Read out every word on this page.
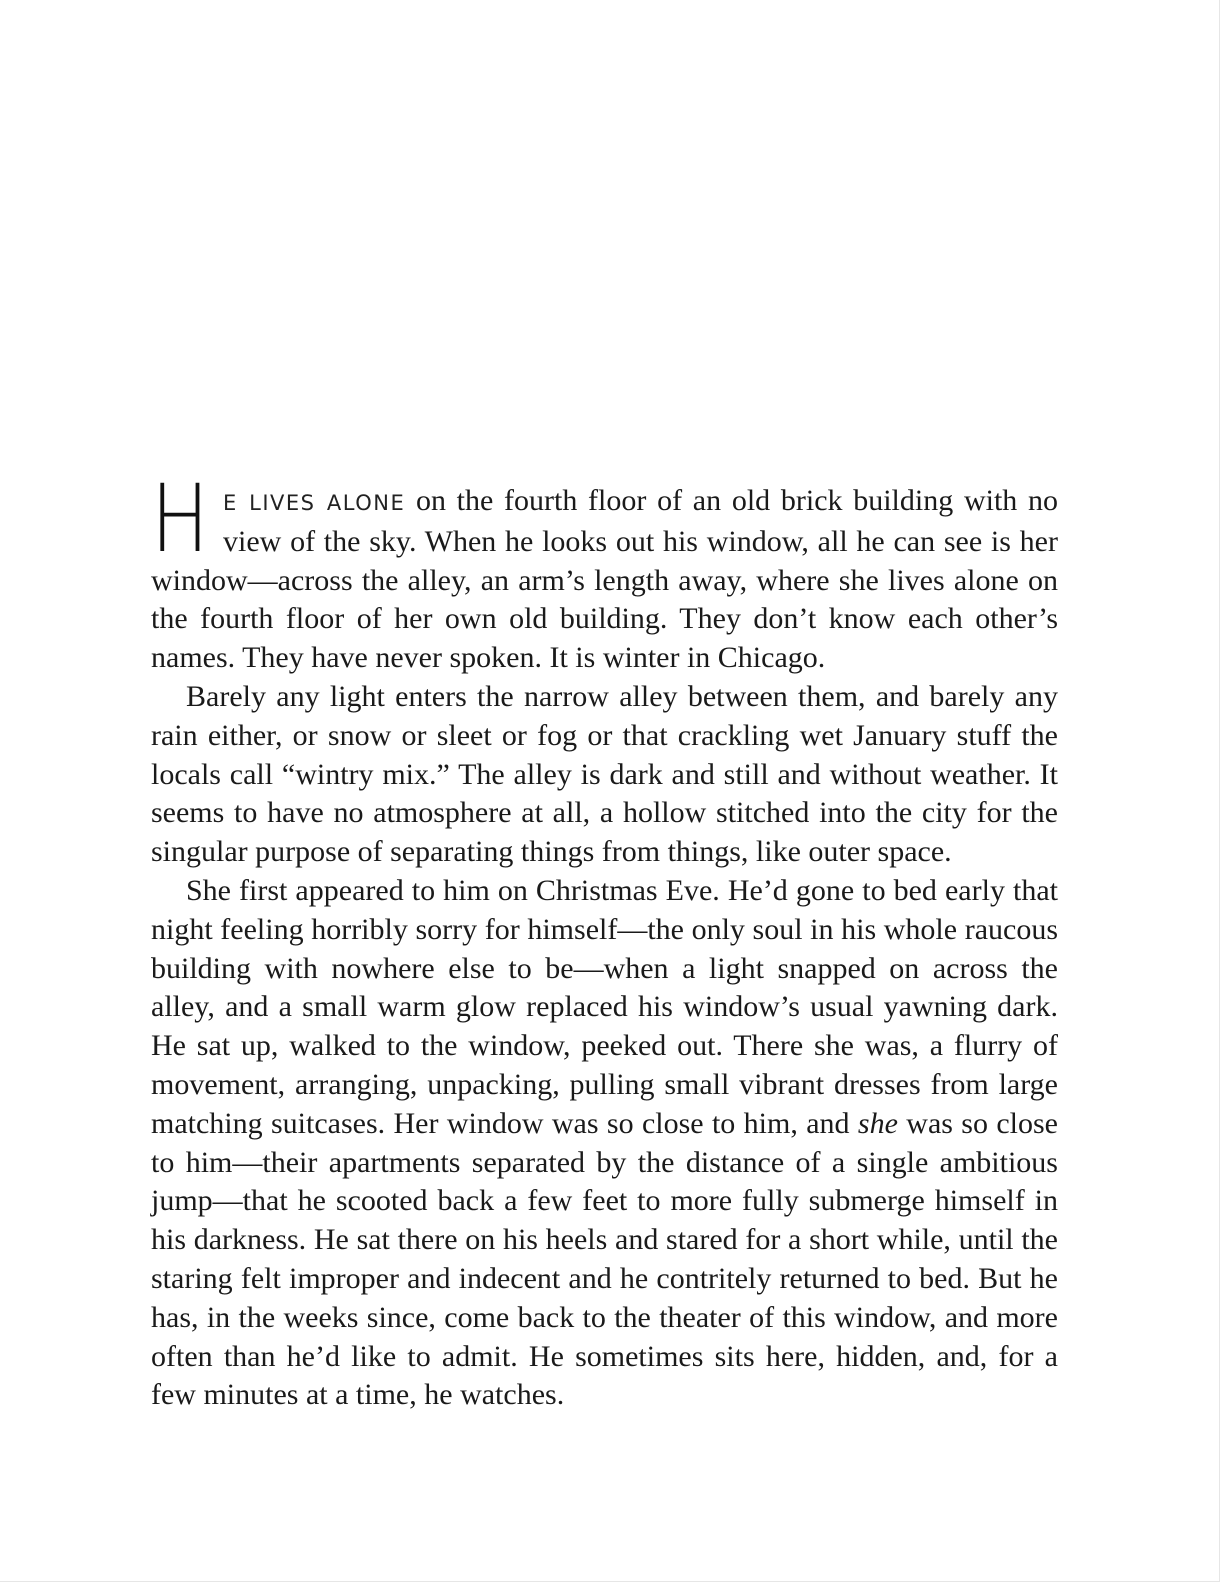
H E LIVES ALONE on the fourth floor of an old brick building with no view of the sky. When he looks out his window, all he can see is her window—across the alley, an arm’s length away, where she lives alone on the fourth floor of her own old building. They don’t know each other’s names. They have never spoken. It is winter in Chicago.

Barely any light enters the narrow alley between them, and barely any rain either, or snow or sleet or fog or that crackling wet January stuff the locals call “wintry mix.” The alley is dark and still and without weather. It seems to have no atmosphere at all, a hollow stitched into the city for the singular purpose of separating things from things, like outer space.

She first appeared to him on Christmas Eve. He’d gone to bed early that night feeling horribly sorry for himself—the only soul in his whole raucous building with nowhere else to be—when a light snapped on across the alley, and a small warm glow replaced his window’s usual yawning dark. He sat up, walked to the window, peeked out. There she was, a flurry of movement, arranging, unpacking, pulling small vibrant dresses from large matching suitcases. Her window was so close to him, and she was so close to him—their apartments separated by the distance of a single ambitious jump—that he scooted back a few feet to more fully submerge himself in his darkness. He sat there on his heels and stared for a short while, until the staring felt improper and indecent and he contritely returned to bed. But he has, in the weeks since, come back to the theater of this window, and more often than he’d like to admit. He sometimes sits here, hidden, and, for a few minutes at a time, he watches.
